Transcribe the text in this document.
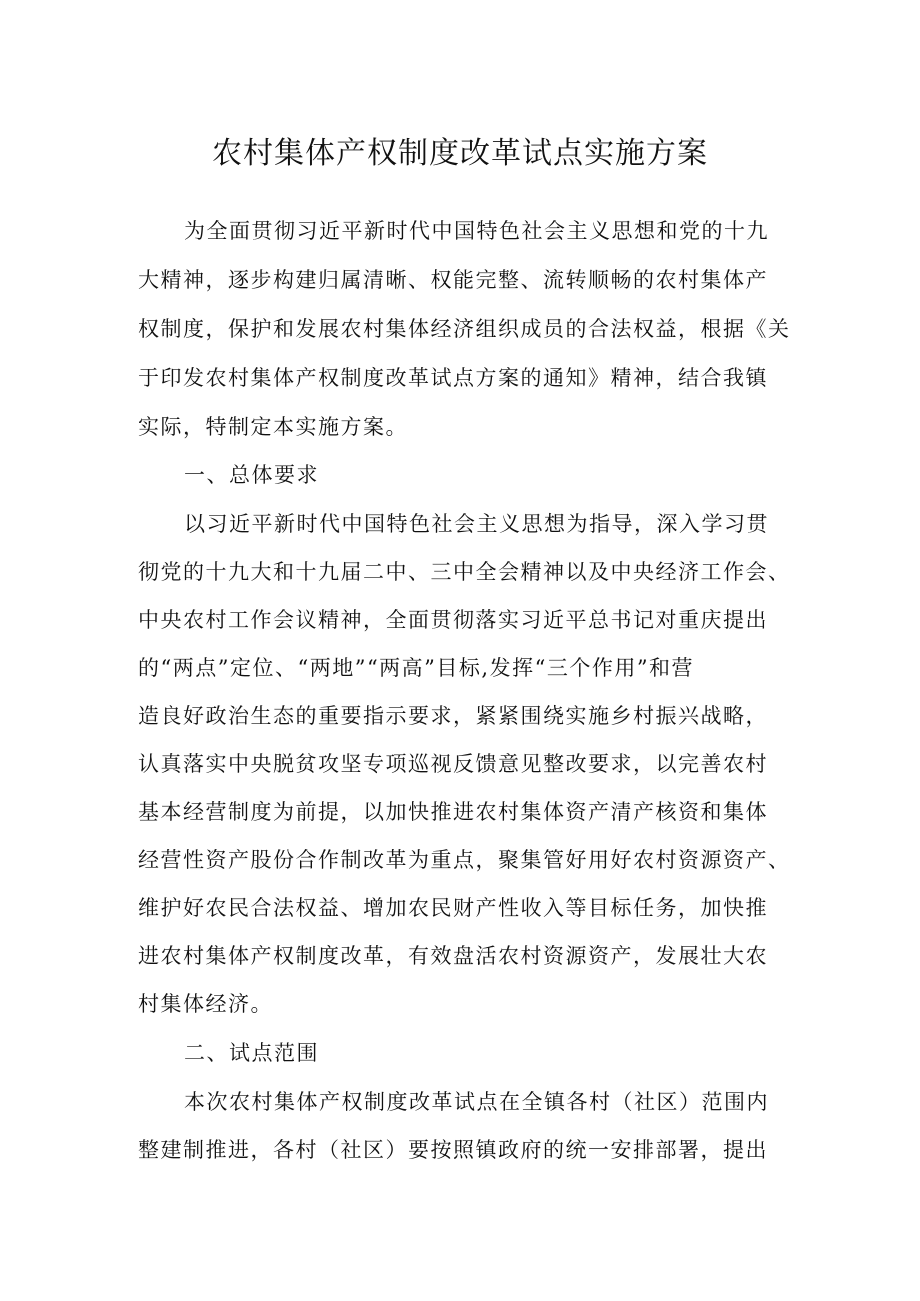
农村集体产权制度改革试点实施方案
为全面贯彻习近平新时代中国特色社会主义思想和党的十九
大精神，逐步构建归属清晰、权能完整、流转顺畅的农村集体产
权制度，保护和发展农村集体经济组织成员的合法权益，根据《关
于印发农村集体产权制度改革试点方案的通知》精神，结合我镇
实际，特制定本实施方案。
一、总体要求
以习近平新时代中国特色社会主义思想为指导，深入学习贯
彻党的十九大和十九届二中、三中全会精神以及中央经济工作会、
中央农村工作会议精神，全面贯彻落实习近平总书记对重庆提出
的“两点”定位、“两地”“两高”目标,发挥“三个作用”和营
造良好政治生态的重要指示要求，紧紧围绕实施乡村振兴战略，
认真落实中央脱贫攻坚专项巡视反馈意见整改要求，以完善农村
基本经营制度为前提，以加快推进农村集体资产清产核资和集体
经营性资产股份合作制改革为重点，聚集管好用好农村资源资产、
维护好农民合法权益、增加农民财产性收入等目标任务，加快推
进农村集体产权制度改革，有效盘活农村资源资产，发展壮大农
村集体经济。
二、试点范围
本次农村集体产权制度改革试点在全镇各村（社区）范围内
整建制推进，各村（社区）要按照镇政府的统一安排部署，提出
